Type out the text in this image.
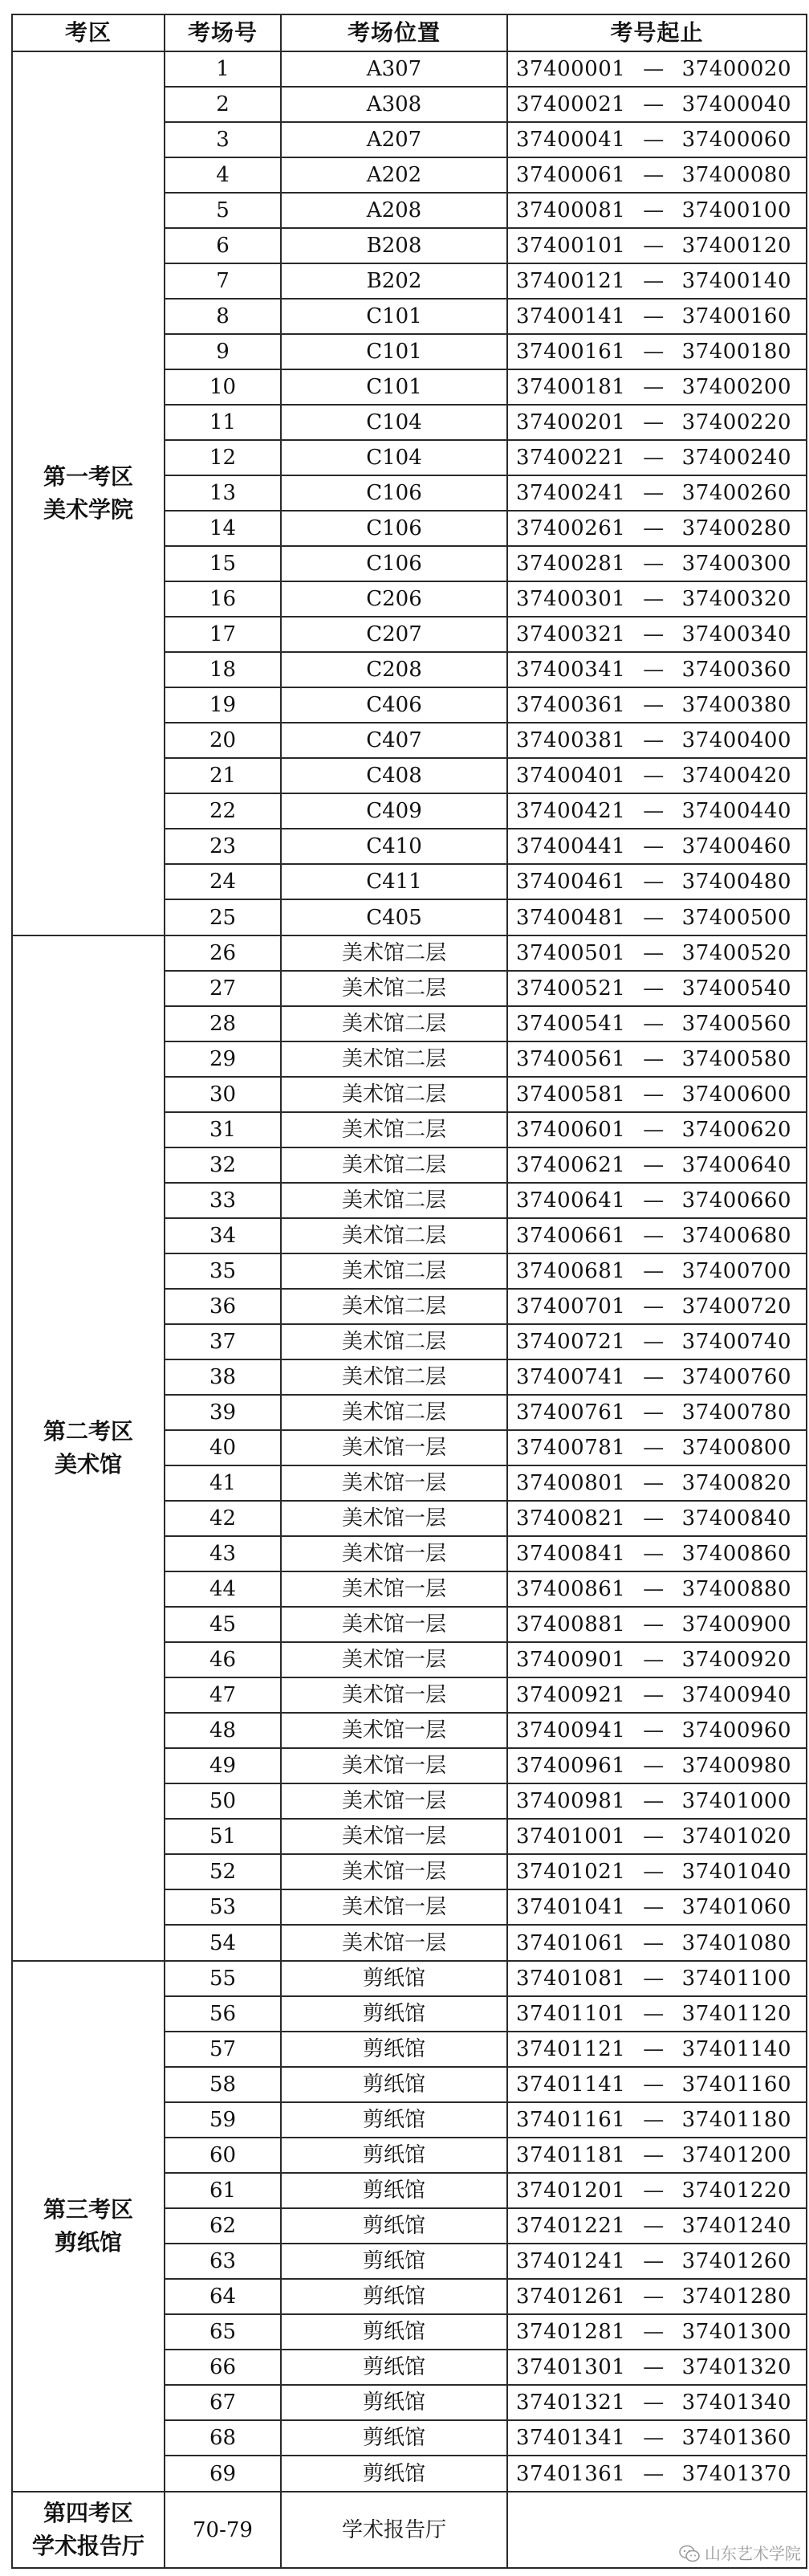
考区	考场号	考场位置	考号起止
第一考区
美术学院	1	A307	37400001 — 37400020

	2	A308	37400021 — 37400040

	3	A207	37400041 — 37400060

	4	A202	37400061 — 37400080

	5	A208	37400081 — 37400100

	6	B208	37400101 — 37400120

	7	B202	37400121 — 37400140

	8	C101	37400141 — 37400160

	9	C101	37400161 — 37400180

	10	C101	37400181 — 37400200

	11	C104	37400201 — 37400220

	12	C104	37400221 — 37400240

	13	C106	37400241 — 37400260

	14	C106	37400261 — 37400280

	15	C106	37400281 — 37400300

	16	C206	37400301 — 37400320

	17	C207	37400321 — 37400340

	18	C208	37400341 — 37400360

	19	C406	37400361 — 37400380

	20	C407	37400381 — 37400400

	21	C408	37400401 — 37400420

	22	C409	37400421 — 37400440

	23	C410	37400441 — 37400460

	24	C411	37400461 — 37400480

	25	C405	37400481 — 37400500

第二考区
美术馆	26	美术馆二层	37400501 — 37400520

	27	美术馆二层	37400521 — 37400540

	28	美术馆二层	37400541 — 37400560

	29	美术馆二层	37400561 — 37400580

	30	美术馆二层	37400581 — 37400600

	31	美术馆二层	37400601 — 37400620

	32	美术馆二层	37400621 — 37400640

	33	美术馆二层	37400641 — 37400660

	34	美术馆二层	37400661 — 37400680

	35	美术馆二层	37400681 — 37400700

	36	美术馆二层	37400701 — 37400720

	37	美术馆二层	37400721 — 37400740

	38	美术馆二层	37400741 — 37400760

	39	美术馆二层	37400761 — 37400780

	40	美术馆一层	37400781 — 37400800

	41	美术馆一层	37400801 — 37400820

	42	美术馆一层	37400821 — 37400840

	43	美术馆一层	37400841 — 37400860

	44	美术馆一层	37400861 — 37400880

	45	美术馆一层	37400881 — 37400900

	46	美术馆一层	37400901 — 37400920

	47	美术馆一层	37400921 — 37400940

	48	美术馆一层	37400941 — 37400960

	49	美术馆一层	37400961 — 37400980

	50	美术馆一层	37400981 — 37401000

	51	美术馆一层	37401001 — 37401020

	52	美术馆一层	37401021 — 37401040

	53	美术馆一层	37401041 — 37401060

	54	美术馆一层	37401061 — 37401080

第三考区
剪纸馆	55	剪纸馆	37401081 — 37401100

	56	剪纸馆	37401101 — 37401120

	57	剪纸馆	37401121 — 37401140

	58	剪纸馆	37401141 — 37401160

	59	剪纸馆	37401161 — 37401180

	60	剪纸馆	37401181 — 37401200

	61	剪纸馆	37401201 — 37401220

	62	剪纸馆	37401221 — 37401240

	63	剪纸馆	37401241 — 37401260

	64	剪纸馆	37401261 — 37401280

	65	剪纸馆	37401281 — 37401300

	66	剪纸馆	37401301 — 37401320

	67	剪纸馆	37401321 — 37401340

	68	剪纸馆	37401341 — 37401360

	69	剪纸馆	37401361 — 37401370

第四考区
学术报告厅	70-79	学术报告厅	山东艺术学院
